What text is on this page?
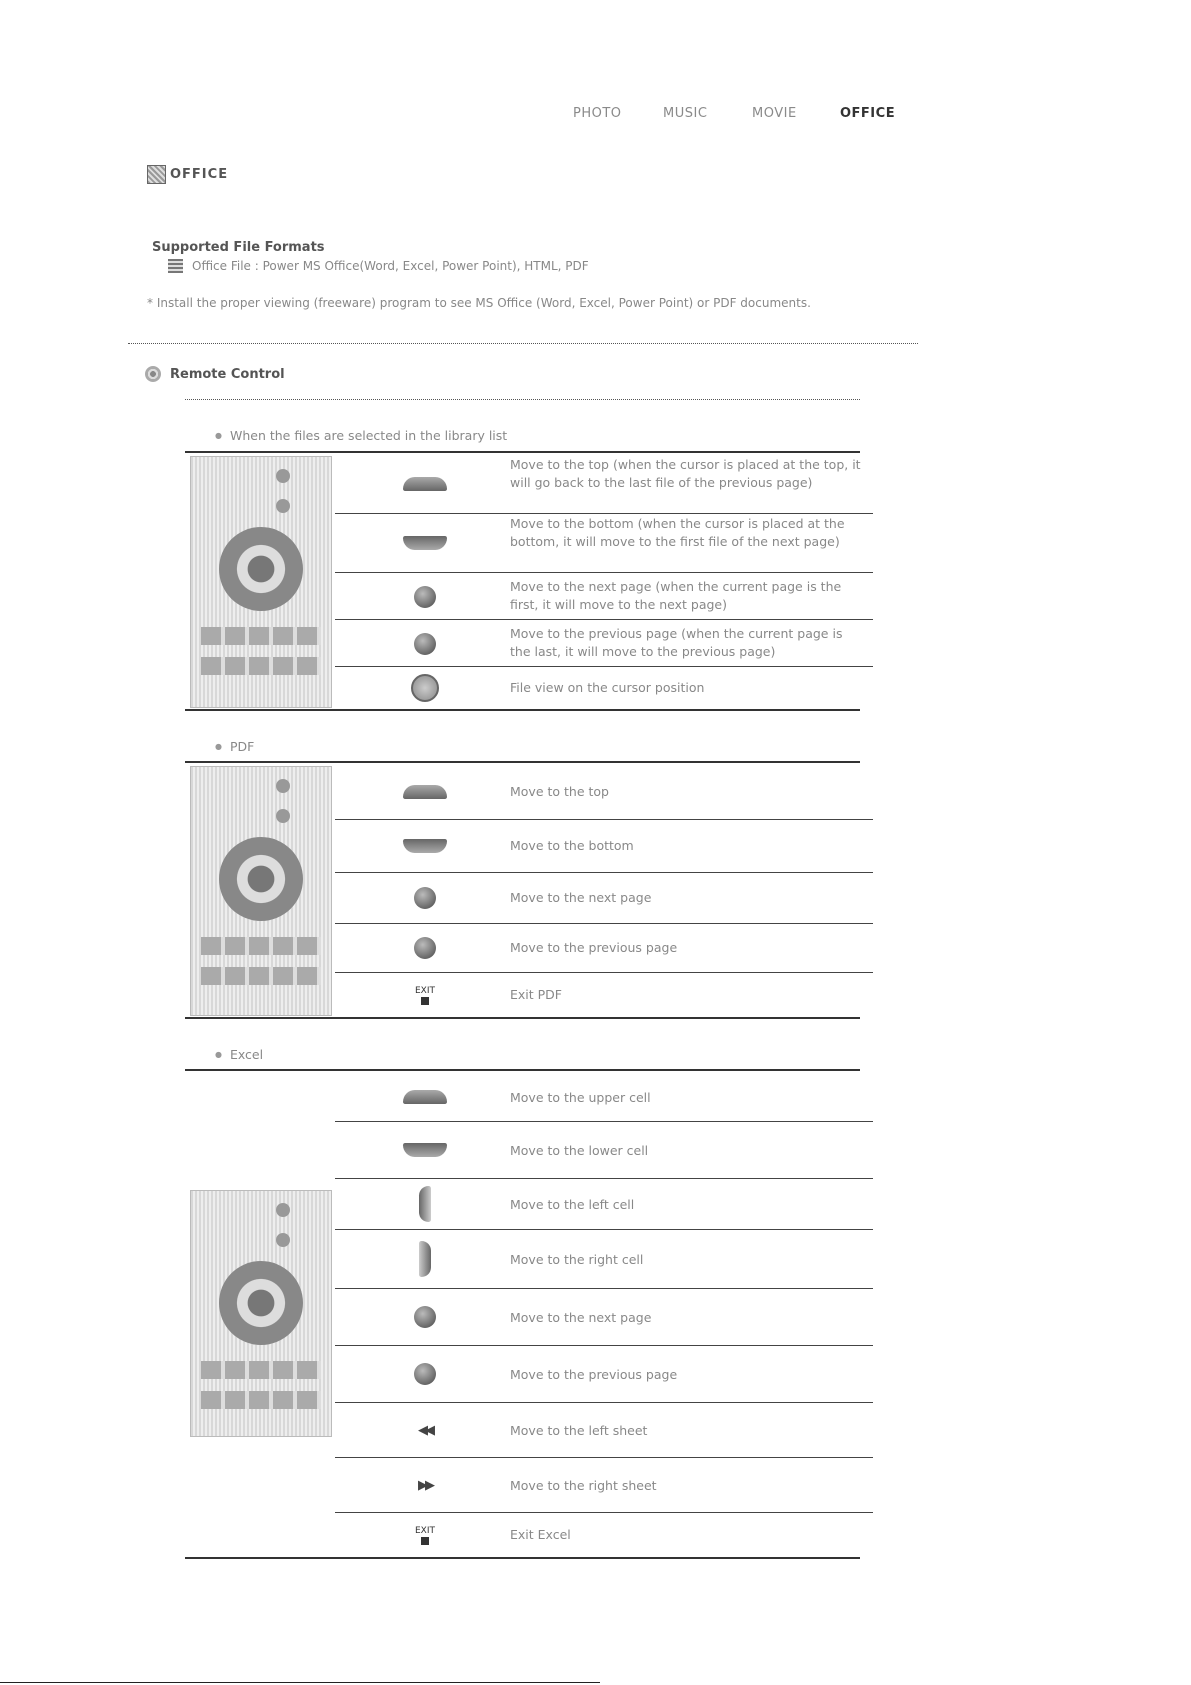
PHOTO	MUSIC	MOVIE	OFFICE
OFFICE
Supported File Formats
Office File : Power MS Office(Word, Excel, Power Point), HTML, PDF
* Install the proper viewing (freeware) program to see MS Office (Word, Excel, Power Point) or PDF documents.
Remote Control
● When the files are selected in the library list
Move to the top (when the cursor is placed at the top, it will go back to the last file of the previous page)
Move to the bottom (when the cursor is placed at the bottom, it will move to the first file of the next page)
Move to the next page (when the current page is the first, it will move to the next page)
Move to the previous page (when the current page is the last, it will move to the previous page)
File view on the cursor position
● PDF
Move to the top
Move to the bottom
Move to the next page
Move to the previous page
EXIT	Exit PDF
● Excel
Move to the upper cell
Move to the lower cell
Move to the left cell
Move to the right cell
Move to the next page
Move to the previous page
◀◀	Move to the left sheet
▶▶	Move to the right sheet
EXIT	Exit Excel
